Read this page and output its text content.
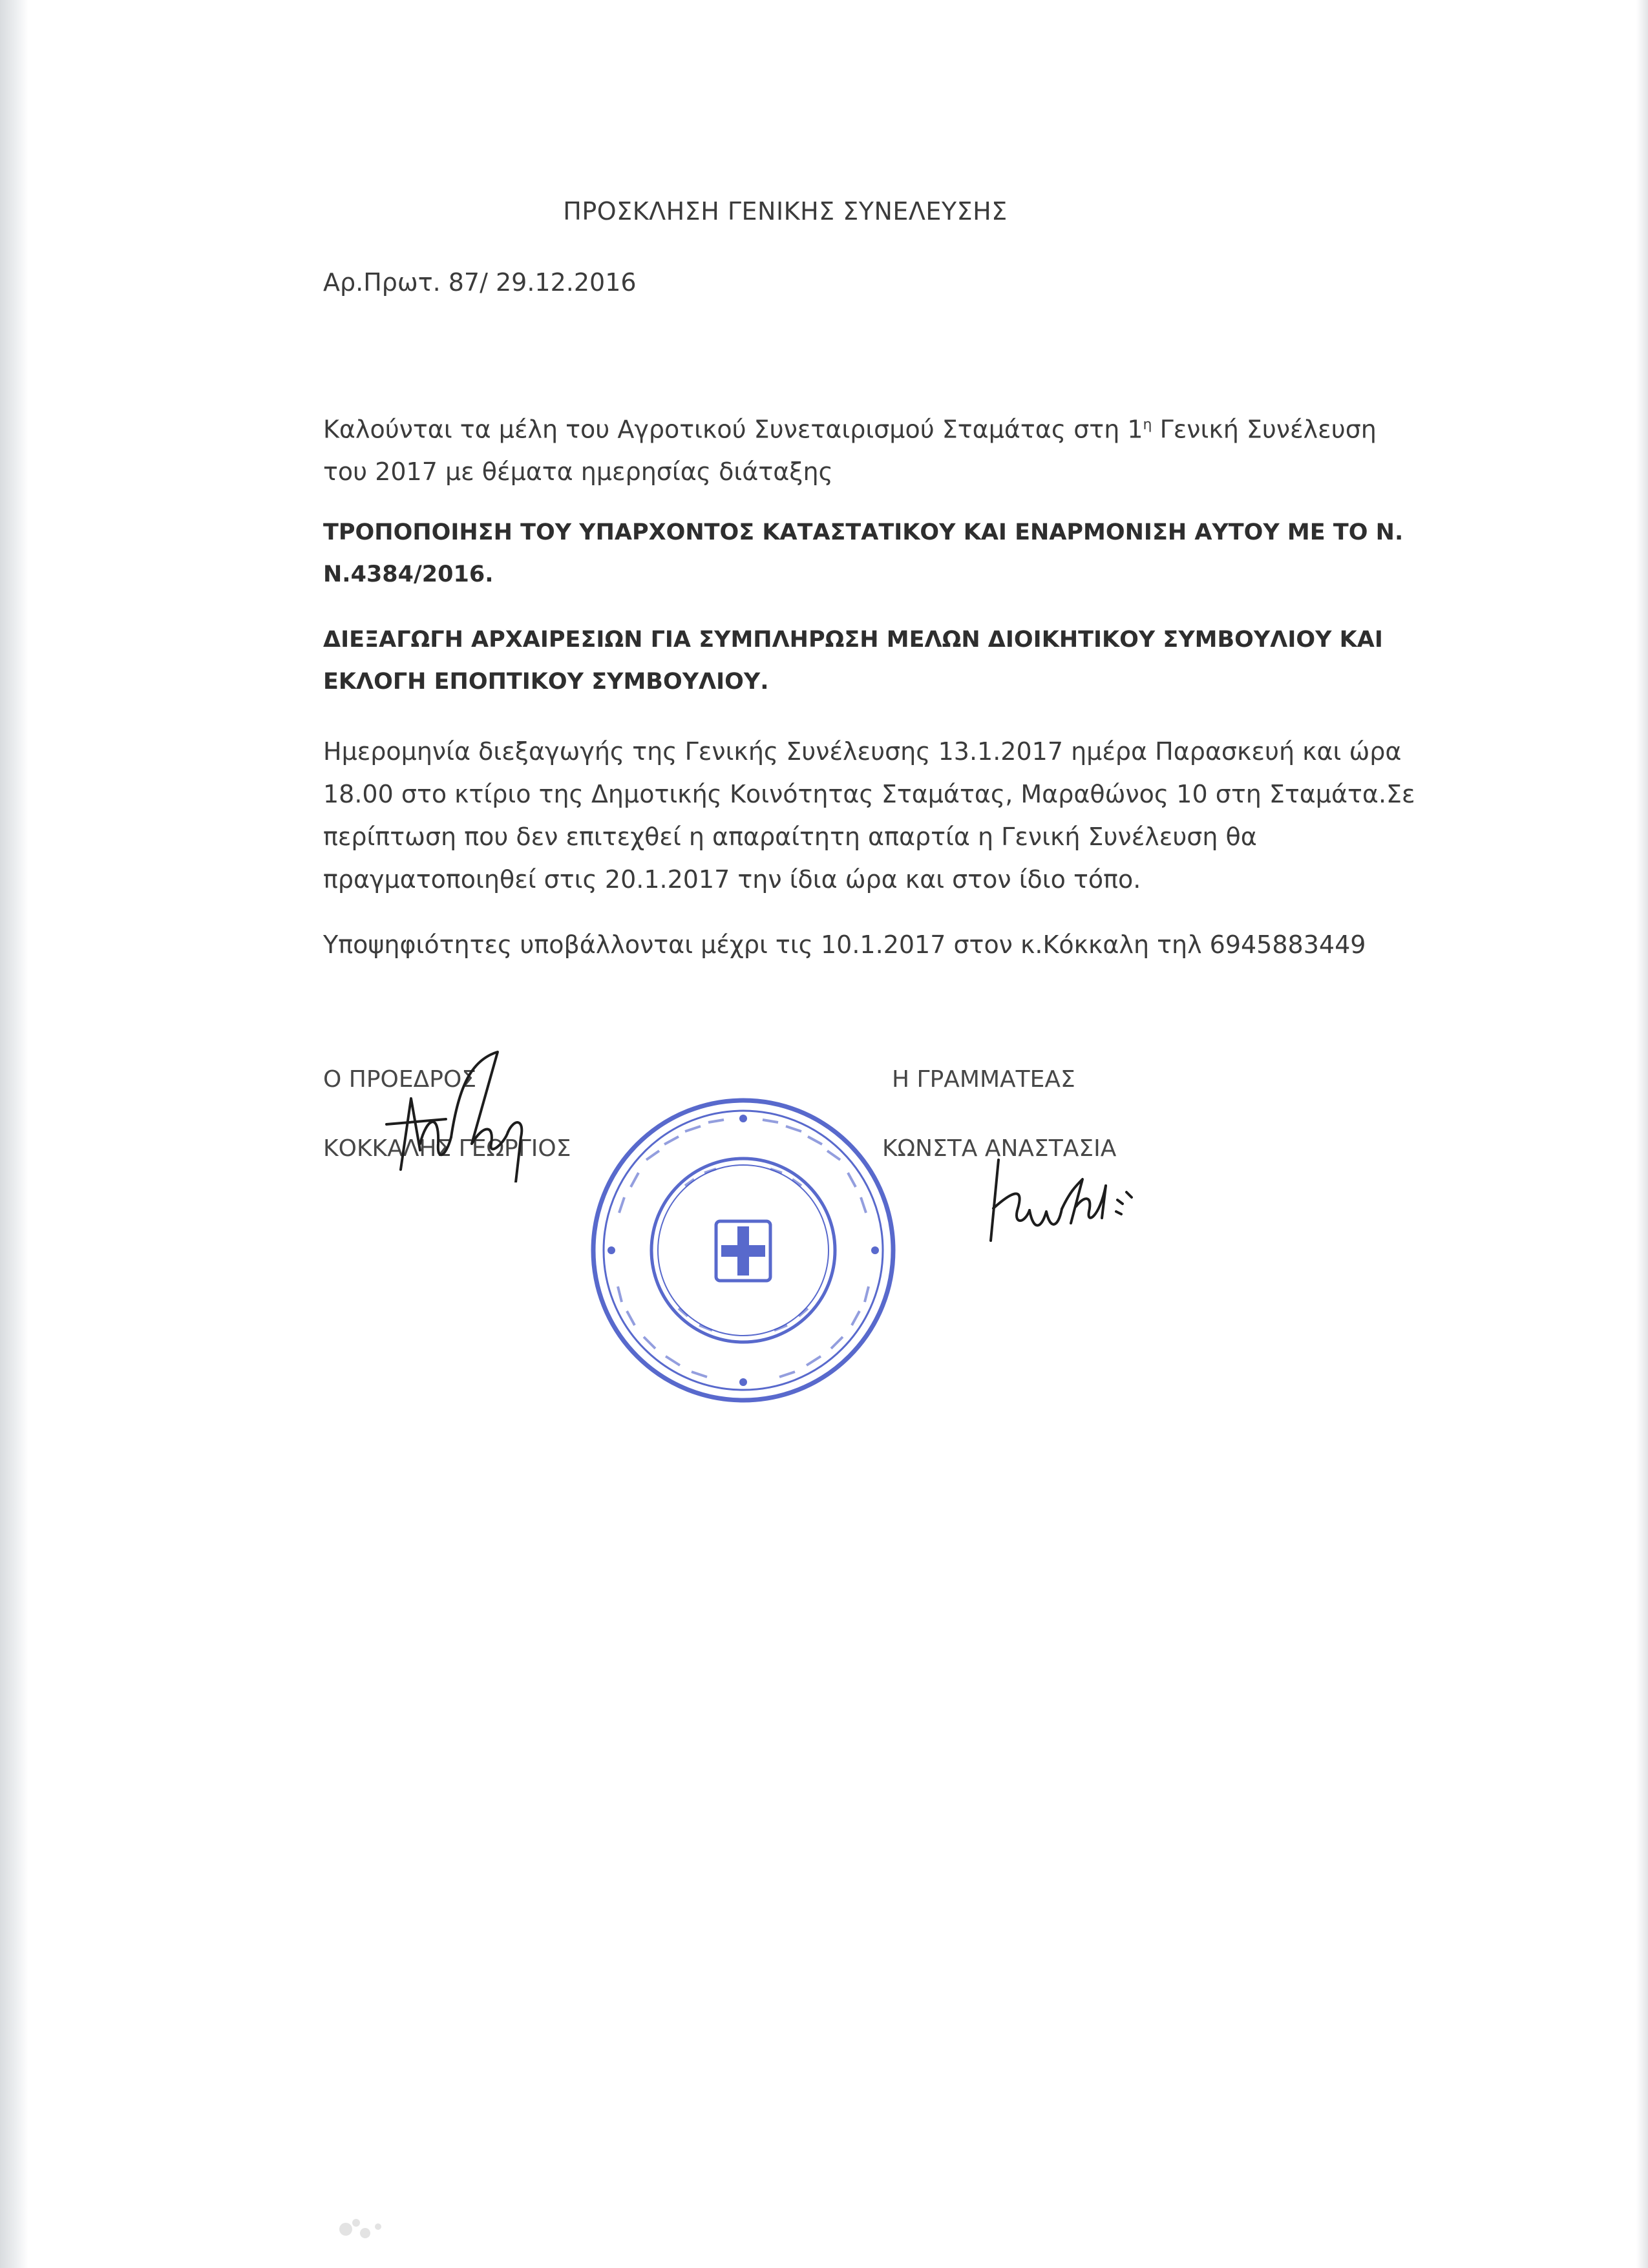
ΠΡΟΣΚΛΗΣΗ ΓΕΝΙΚΗΣ ΣΥΝΕΛΕΥΣΗΣ
Αρ.Πρωτ. 87/ 29.12.2016
Καλούνται τα μέλη του Αγροτικού Συνεταιρισμού Σταμάτας στη $1^\eta$ Γενική Συνέλευση του 2017 με θέματα ημερησίας διάταξης
ΤΡΟΠΟΠΟΙΗΣΗ ΤΟΥ ΥΠΑΡΧΟΝΤΟΣ ΚΑΤΑΣΤΑΤΙΚΟΥ ΚΑΙ ΕΝΑΡΜΟΝΙΣΗ ΑΥΤΟΥ ΜΕ ΤΟ Ν. Ν.4384/2016.
ΔΙΕΞΑΓΩΓΗ ΑΡΧΑΙΡΕΣΙΩΝ ΓΙΑ ΣΥΜΠΛΗΡΩΣΗ ΜΕΛΩΝ ΔΙΟΙΚΗΤΙΚΟΥ ΣΥΜΒΟΥΛΙΟΥ ΚΑΙ ΕΚΛΟΓΗ ΕΠΟΠΤΙΚΟΥ ΣΥΜΒΟΥΛΙΟΥ.
Ημερομηνία διεξαγωγής της Γενικής Συνέλευσης 13.1.2017 ημέρα Παρασκευή και ώρα 18.00 στο κτίριο της Δημοτικής Κοινότητας Σταμάτας, Μαραθώνος 10 στη Σταμάτα.Σε περίπτωση που δεν επιτεχθεί η απαραίτητη απαρτία η Γενική Συνέλευση θα πραγματοποιηθεί στις 20.1.2017 την ίδια ώρα και στον ίδιο τόπο.
Υποψηφιότητες υποβάλλονται μέχρι τις 10.1.2017 στον κ.Κόκκαλη τηλ 6945883449
Ο ΠΡΟΕΔΡΟΣ
ΚΟΚΚΑΛΗΣ ΓΕΩΡΓΙΟΣ
Η ΓΡΑΜΜΑΤΕΑΣ
ΚΩΝΣΤΑ ΑΝΑΣΤΑΣΙΑ
